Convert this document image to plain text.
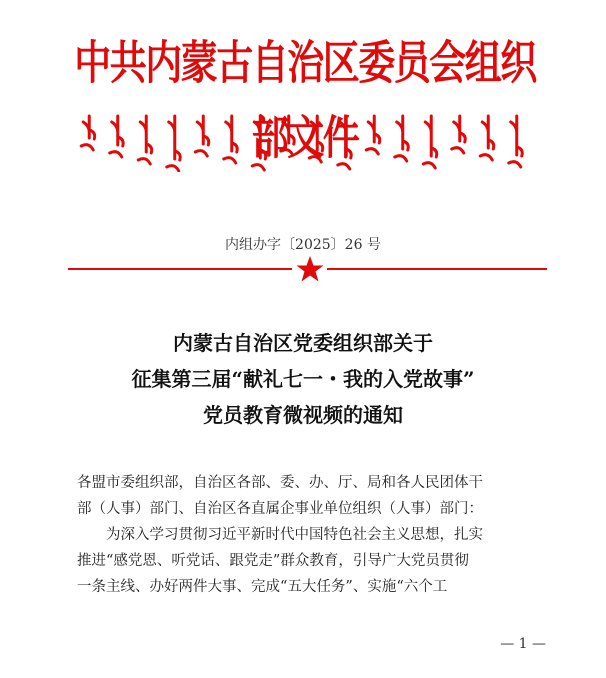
中共内蒙古自治区委员会组织部文件
内组办字〔2025〕26 号
内蒙古自治区党委组织部关于
征集第三届“献礼七一・我的入党故事”
党员教育微视频的通知

各盟市委组织部，自治区各部、委、办、厅、局和各人民团体干

部（人事）部门、自治区各直属企事业单位组织（人事）部门：

为深入学习贯彻习近平新时代中国特色社会主义思想，扎实

推进“感党恩、听党话、跟党走”群众教育，引导广大党员贯彻

一条主线、办好两件大事、完成“五大任务”、实施“六个工

— 1 —
